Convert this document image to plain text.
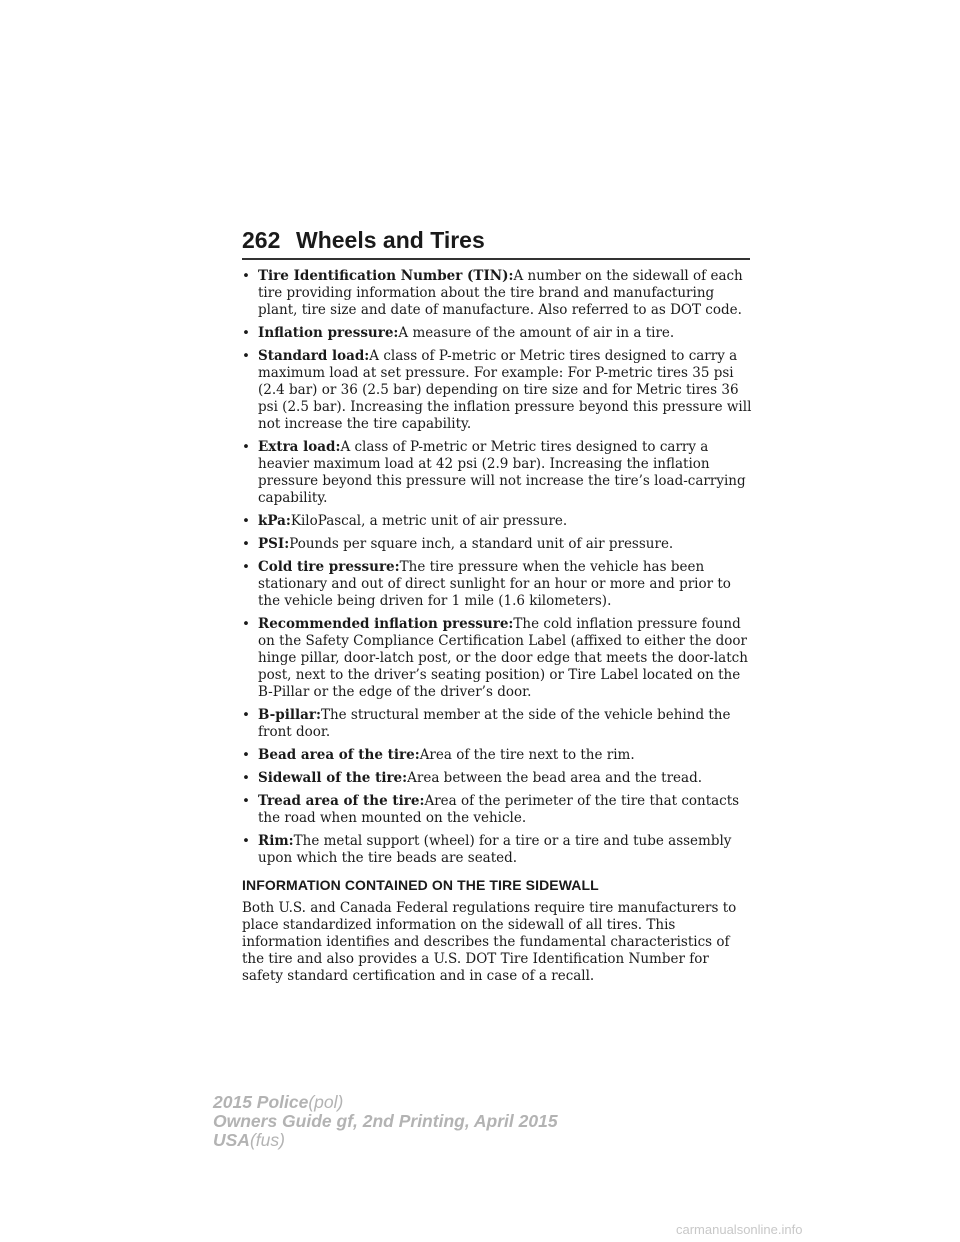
262 Wheels and Tires
• Tire Identification Number (TIN):A number on the sidewall of each tire providing information about the tire brand and manufacturing plant, tire size and date of manufacture. Also referred to as DOT code.
• Inflation pressure:A measure of the amount of air in a tire.
• Standard load:A class of P-metric or Metric tires designed to carry a maximum load at set pressure. For example: For P-metric tires 35 psi (2.4 bar) or 36 (2.5 bar) depending on tire size and for Metric tires 36 psi (2.5 bar). Increasing the inflation pressure beyond this pressure will not increase the tire capability.
• Extra load:A class of P-metric or Metric tires designed to carry a heavier maximum load at 42 psi (2.9 bar). Increasing the inflation pressure beyond this pressure will not increase the tire’s load-carrying capability.
• kPa:KiloPascal, a metric unit of air pressure.
• PSI:Pounds per square inch, a standard unit of air pressure.
• Cold tire pressure:The tire pressure when the vehicle has been stationary and out of direct sunlight for an hour or more and prior to the vehicle being driven for 1 mile (1.6 kilometers).
• Recommended inflation pressure:The cold inflation pressure found on the Safety Compliance Certification Label (affixed to either the door hinge pillar, door-latch post, or the door edge that meets the door-latch post, next to the driver’s seating position) or Tire Label located on the B-Pillar or the edge of the driver’s door.
• B-pillar:The structural member at the side of the vehicle behind the front door.
• Bead area of the tire:Area of the tire next to the rim.
• Sidewall of the tire:Area between the bead area and the tread.
• Tread area of the tire:Area of the perimeter of the tire that contacts the road when mounted on the vehicle.
• Rim:The metal support (wheel) for a tire or a tire and tube assembly upon which the tire beads are seated.
INFORMATION CONTAINED ON THE TIRE SIDEWALL

Both U.S. and Canada Federal regulations require tire manufacturers to place standardized information on the sidewall of all tires. This information identifies and describes the fundamental characteristics of the tire and also provides a U.S. DOT Tire Identification Number for safety standard certification and in case of a recall.

2015 Police(pol)
Owners Guide gf, 2nd Printing, April 2015
USA(fus)
carmanualsonline.info
